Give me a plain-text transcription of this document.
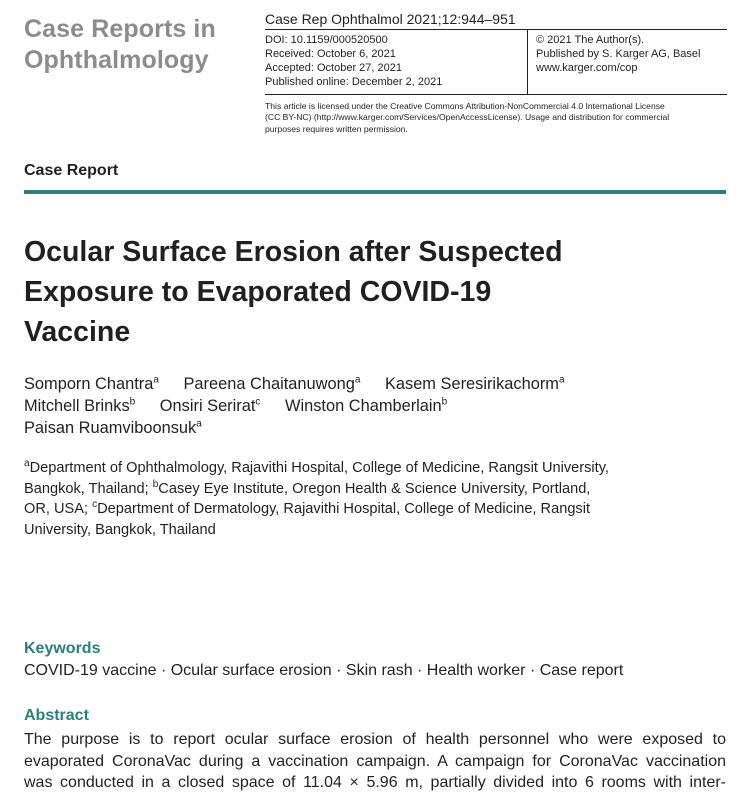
Case Reports in
Ophthalmology
Case Rep Ophthalmol 2021;12:944–951
DOI: 10.1159/000520500
Received: October 6, 2021
Accepted: October 27, 2021
Published online: December 2, 2021
© 2021 The Author(s).
Published by S. Karger AG, Basel
www.karger.com/cop
This article is licensed under the Creative Commons Attribution-NonCommercial 4.0 International License
(CC BY-NC) (http://www.karger.com/Services/OpenAccessLicense). Usage and distribution for commercial
purposes requires written permission.
Case Report
Ocular Surface Erosion after Suspected
Exposure to Evaporated COVID-19
Vaccine
Somporn Chantra$^a$ Pareena Chaitanuwong$^a$ Kasem Seresirikachorm$^a$
Mitchell Brinks$^b$ Onsiri Serirat$^c$ Winston Chamberlain$^b$
Paisan Ruamviboonsuk$^a$
$^a$Department of Ophthalmology, Rajavithi Hospital, College of Medicine, Rangsit University,
Bangkok, Thailand; $^b$Casey Eye Institute, Oregon Health & Science University, Portland,
OR, USA; $^c$Department of Dermatology, Rajavithi Hospital, College of Medicine, Rangsit
University, Bangkok, Thailand
Keywords
COVID-19 vaccine · Ocular surface erosion · Skin rash · Health worker · Case report
Abstract
The purpose is to report ocular surface erosion of health personnel who were exposed to
evaporated CoronaVac during a vaccination campaign. A campaign for CoronaVac vaccination
was conducted in a closed space of 11.04 × 5.96 m, partially divided into 6 rooms with inter-
